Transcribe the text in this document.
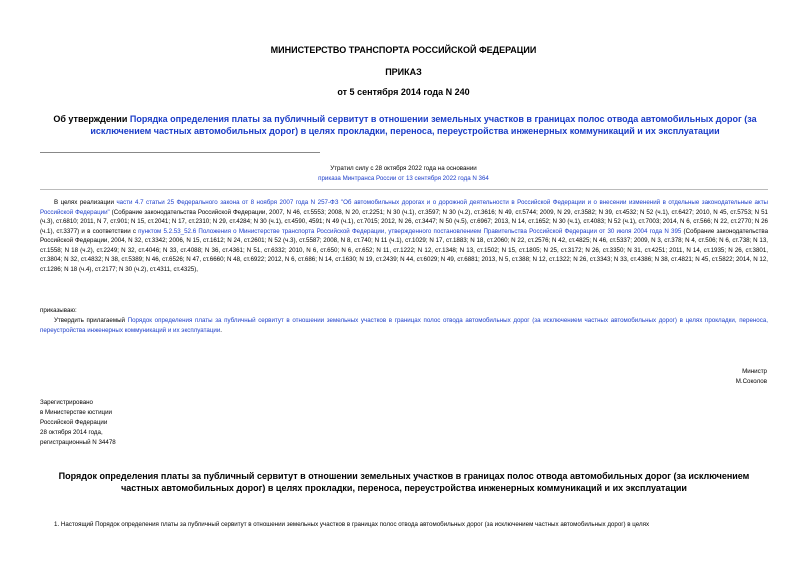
МИНИСТЕРСТВО ТРАНСПОРТА РОССИЙСКОЙ ФЕДЕРАЦИИ
ПРИКАЗ
от 5 сентября 2014 года N 240
Об утверждении Порядка определения платы за публичный сервитут в отношении земельных участков в границах полос отвода автомобильных дорог (за исключением частных автомобильных дорог) в целях прокладки, переноса, переустройства инженерных коммуникаций и их эксплуатации
Утратил силу с 28 октября 2022 года на основании
приказа Минтранса России от 13 сентября 2022 года N 364
В целях реализации части 4.7 статьи 25 Федерального закона от 8 ноября 2007 года N 257-ФЗ "Об автомобильных дорогах и о дорожной деятельности в Российской Федерации и о внесении изменений в отдельные законодательные акты Российской Федерации" (Собрание законодательства Российской Федерации, 2007, N 46, ст.5553; 2008, N 20, ст.2251; N 30 (ч.1), ст.3597; N 30 (ч.2), ст.3616; N 49, ст.5744; 2009, N 29, ст.3582; N 39, ст.4532; N 52 (ч.1), ст.6427; 2010, N 45, ст.5753; N 51 (ч.3), ст.6810; 2011, N 7, ст.901; N 15, ст.2041; N 17, ст.2310; N 29, ст.4284; N 30 (ч.1), ст.4590, 4591; N 49 (ч.1), ст.7015; 2012, N 26, ст.3447; N 50 (ч.5), ст.6967; 2013, N 14, ст.1652; N 30 (ч.1), ст.4083; N 52 (ч.1), ст.7003; 2014, N 6, ст.566; N 22, ст.2770; N 26 (ч.1), ст.3377) и в соответствии с пунктом 5.2.53_52.6 Положения о Министерстве транспорта Российской Федерации, утвержденного постановлением Правительства Российской Федерации от 30 июля 2004 года N 395 (Собрание законодательства Российской Федерации, 2004, N 32, ст.3342; 2006, N 15, ст.1612; N 24, ст.2601; N 52 (ч.3), ст.5587; 2008, N 8, ст.740; N 11 (ч.1), ст.1029; N 17, ст.1883; N 18, ст.2060; N 22, ст.2576; N 42, ст.4825; N 46, ст.5337; 2009, N 3, ст.378; N 4, ст.506; N 6, ст.738; N 13, ст.1558; N 18 (ч.2), ст.2249; N 32, ст.4046; N 33, ст.4088; N 36, ст.4361; N 51, ст.6332; 2010, N 6, ст.650; N 6, ст.652; N 11, ст.1222; N 12, ст.1348; N 13, ст.1502; N 15, ст.1805; N 25, ст.3172; N 26, ст.3350; N 31, ст.4251; 2011, N 14, ст.1935; N 26, ст.3801, ст.3804; N 32, ст.4832; N 38, ст.5389; N 46, ст.6526; N 47, ст.6660; N 48, ст.6922; 2012, N 6, ст.686; N 14, ст.1630; N 19, ст.2439; N 44, ст.6029; N 49, ст.6881; 2013, N 5, ст.388; N 12, ст.1322; N 26, ст.3343; N 33, ст.4386; N 38, ст.4821; N 45, ст.5822; 2014, N 12, ст.1286; N 18 (ч.4), ст.2177; N 30 (ч.2), ст.4311, ст.4325),
приказываю:
Утвердить прилагаемый Порядок определения платы за публичный сервитут в отношении земельных участков в границах полос отвода автомобильных дорог (за исключением частных автомобильных дорог) в целях прокладки, переноса, переустройства инженерных коммуникаций и их эксплуатации.
Министр
М.Соколов
Зарегистрировано
в Министерстве юстиции
Российской Федерации
28 октября 2014 года,
регистрационный N 34478
Порядок определения платы за публичный сервитут в отношении земельных участков в границах полос отвода автомобильных дорог (за исключением частных автомобильных дорог) в целях прокладки, переноса, переустройства инженерных коммуникаций и их эксплуатации
1. Настоящий Порядок определения платы за публичный сервитут в отношении земельных участков в границах полос отвода автомобильных дорог (за исключением частных автомобильных дорог) в целях
